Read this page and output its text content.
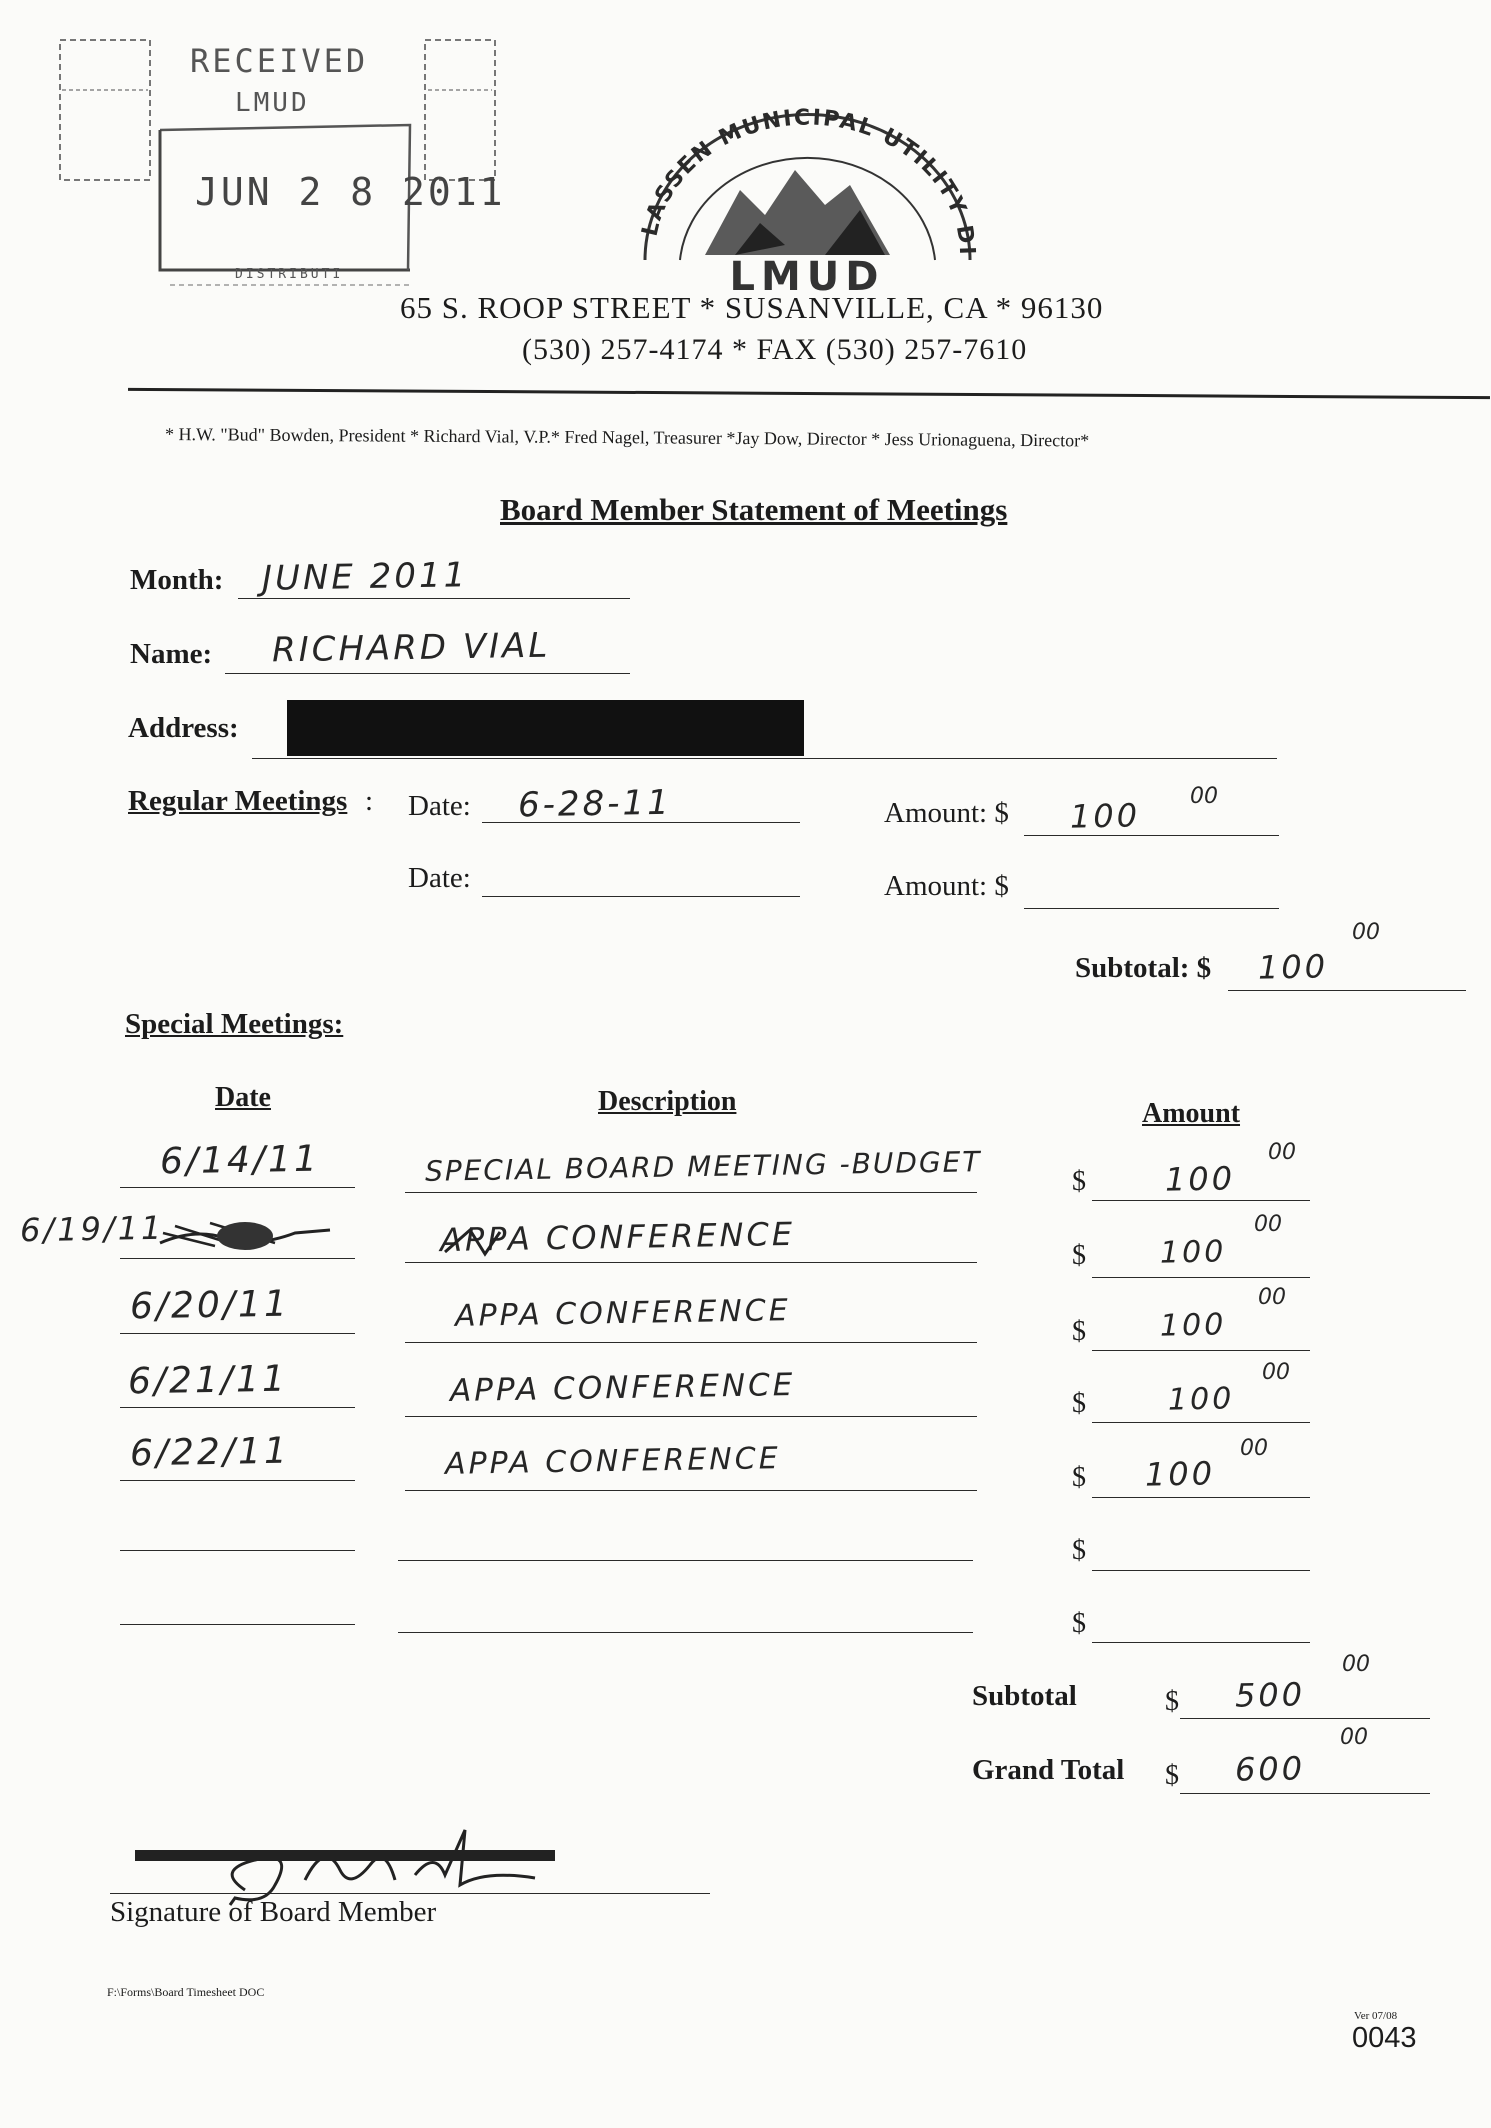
RECEIVED
LMUD
JUN 2 8 2011
DISTRIBUTI
LASSEN MUNICIPAL UTILITY DI
LMUD
65 S. ROOP STREET * SUSANVILLE, CA * 96130
(530) 257-4174 * FAX (530) 257-7610
* H.W. "Bud" Bowden, President * Richard Vial, V.P.* Fred Nagel, Treasurer *Jay Dow, Director * Jess Urionaguena, Director*
Board Member Statement of Meetings
Month: JUNE 2011
Name: RICHARD VIAL
Address:
Regular Meetings : Date: 6-28-11	Amount: $ 100 00
Date:	Amount: $
Subtotal: $ 100
00
Special Meetings:
Date	Description	Amount
6/14/11	SPECIAL BOARD MEETING -BUDGET	$ 100
00
6/19/11	APPA CONFERENCE	$ 100
00
6/20/11	APPA CONFERENCE	$ 100
00
6/21/11	APPA CONFERENCE	$	100
00
6/22/11	APPA CONFERENCE	$ 100
00
$
$
Subtotal	$ 500
00
Grand Total $ 600
00
Signature of Board Member
F:\Forms\Board Timesheet DOC
Ver 07/08
0043
